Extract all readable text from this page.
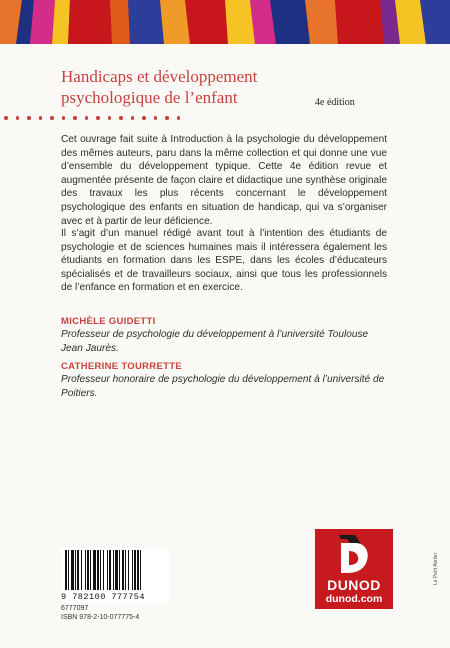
Handicaps et développement
psychologique de l’enfant	4e édition

Cet ouvrage fait suite à Introduction à la psychologie du développement des mêmes auteurs, paru dans la même collection et qui donne une vue d’ensemble du développement typique. Cette 4e édition revue et augmentée présente de façon claire et didactique une synthèse originale des travaux les plus récents concernant le développement psychologique des enfants en situation de handicap, qui va s’organiser avec et à partir de leur déficience.

Il s’agit d’un manuel rédigé avant tout à l’intention des étudiants de psychologie et de sciences humaines mais il intéressera également les étudiants en formation dans les ESPE, dans les écoles d’éducateurs spécialisés et de travailleurs sociaux, ainsi que tous les professionnels de l’enfance en formation et en exercice.

MICHÈLE GUIDETTI
Professeur de psychologie du développement à l’université Toulouse Jean Jaurès.
CATHERINE TOURRETTE
Professeur honoraire de psychologie du développement à l’université de Poitiers.
9 782100 777754
6777097
ISBN 978-2-10-077775-4
DUNOD
dunod.com
Le Petit Atelier
